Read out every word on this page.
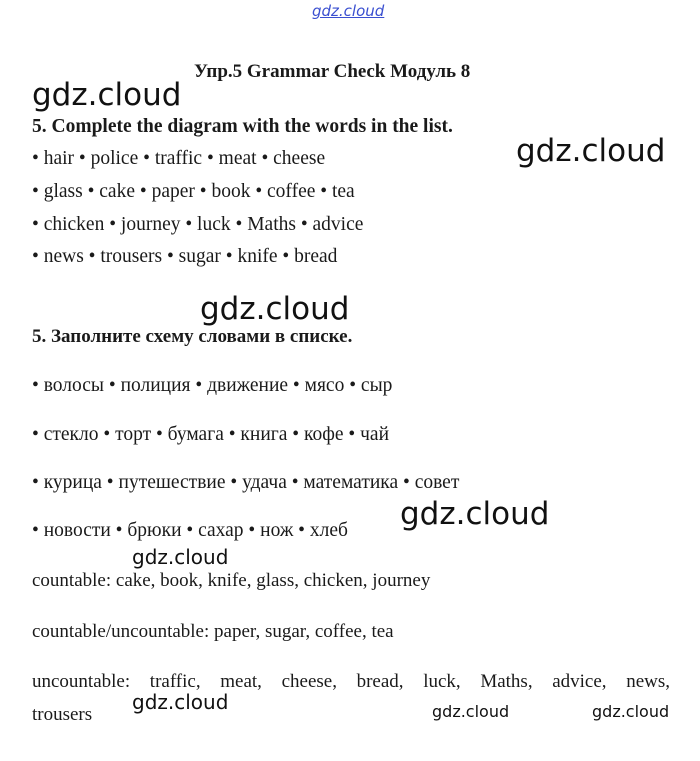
gdz.cloud
Упр.5 Grammar Check Модуль 8
gdz.cloud
5. Complete the diagram with the words in the list.
gdz.cloud
• hair • police • traffic • meat • cheese
• glass • cake • paper • book • coffee • tea
• chicken • journey • luck • Maths • advice
• news • trousers • sugar • knife • bread
gdz.cloud
5. Заполните схему словами в списке.
• волосы • полиция • движение • мясо • сыр
• стекло • торт • бумага • книга • кофе • чай
• курица • путешествие • удача • математика • совет
• новости • брюки • сахар • нож • хлеб gdz.cloud
gdz.cloud
countable: cake, book, knife, glass, chicken, journey
countable/uncountable: paper, sugar, coffee, tea
uncountable: traffic, meat, cheese, bread, luck, Maths, advice, news,
trousers
gdz.cloud	gdz.cloud	gdz.cloud
